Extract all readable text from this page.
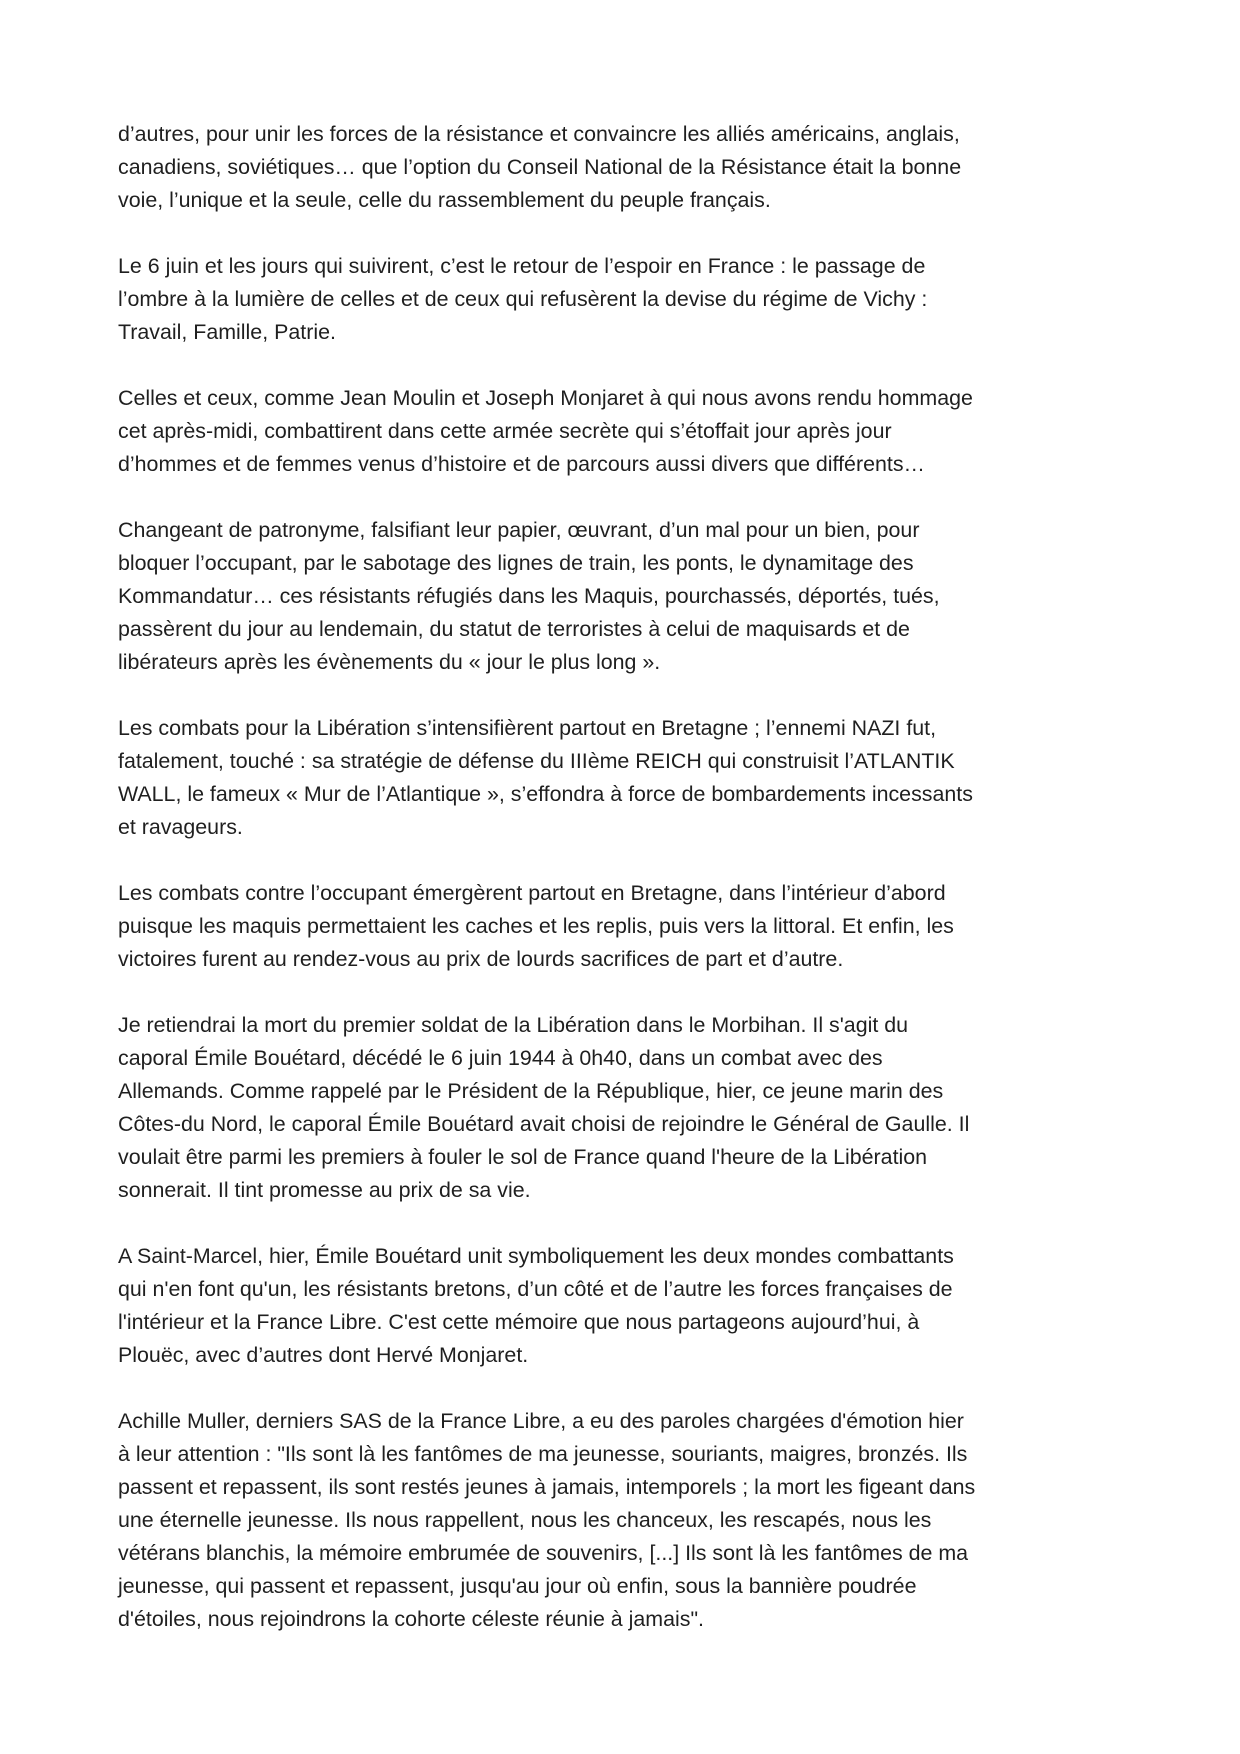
d’autres, pour unir les forces de la résistance et convaincre les alliés américains, anglais,
canadiens, soviétiques… que l’option du Conseil National de la Résistance était la bonne
voie, l’unique et la seule, celle du rassemblement du peuple français.
Le 6 juin et les jours qui suivirent, c’est le retour de l’espoir en France : le passage de
l’ombre à la lumière de celles et de ceux qui refusèrent la devise du régime de Vichy :
Travail, Famille, Patrie.
Celles et ceux, comme Jean Moulin et Joseph Monjaret à qui nous avons rendu hommage
cet après-midi, combattirent dans cette armée secrète qui s’étoffait jour après jour
d’hommes et de femmes venus d’histoire et de parcours aussi divers que différents…
Changeant de patronyme, falsifiant leur papier, œuvrant, d’un mal pour un bien, pour
bloquer l’occupant, par le sabotage des lignes de train, les ponts, le dynamitage des
Kommandatur… ces résistants réfugiés dans les Maquis, pourchassés, déportés, tués,
passèrent du jour au lendemain, du statut de terroristes à celui de maquisards et de
libérateurs après les évènements du « jour le plus long ».
Les combats pour la Libération s’intensifièrent partout en Bretagne ; l’ennemi NAZI fut,
fatalement, touché : sa stratégie de défense du IIIème REICH qui construisit l’ATLANTIK
WALL, le fameux « Mur de l’Atlantique », s’effondra à force de bombardements incessants
et ravageurs.
Les combats contre l’occupant émergèrent partout en Bretagne, dans l’intérieur d’abord
puisque les maquis permettaient les caches et les replis, puis vers la littoral. Et enfin, les
victoires furent au rendez-vous au prix de lourds sacrifices de part et d’autre.
Je retiendrai la mort du premier soldat de la Libération dans le Morbihan. Il s'agit du
caporal Émile Bouétard, décédé le 6 juin 1944 à 0h40, dans un combat avec des
Allemands. Comme rappelé par le Président de la République, hier, ce jeune marin des
Côtes-du Nord, le caporal Émile Bouétard avait choisi de rejoindre le Général de Gaulle. Il
voulait être parmi les premiers à fouler le sol de France quand l'heure de la Libération
sonnerait. Il tint promesse au prix de sa vie.
A Saint-Marcel, hier, Émile Bouétard unit symboliquement les deux mondes combattants
qui n'en font qu'un, les résistants bretons, d’un côté et de l’autre les forces françaises de
l'intérieur et la France Libre. C'est cette mémoire que nous partageons aujourd’hui, à
Plouëc, avec d’autres dont Hervé Monjaret.
Achille Muller, derniers SAS de la France Libre, a eu des paroles chargées d'émotion hier
à leur attention : "Ils sont là les fantômes de ma jeunesse, souriants, maigres, bronzés. Ils
passent et repassent, ils sont restés jeunes à jamais, intemporels ; la mort les figeant dans
une éternelle jeunesse. Ils nous rappellent, nous les chanceux, les rescapés, nous les
vétérans blanchis, la mémoire embrumée de souvenirs, [...] Ils sont là les fantômes de ma
jeunesse, qui passent et repassent, jusqu'au jour où enfin, sous la bannière poudrée
d'étoiles, nous rejoindrons la cohorte céleste réunie à jamais".
